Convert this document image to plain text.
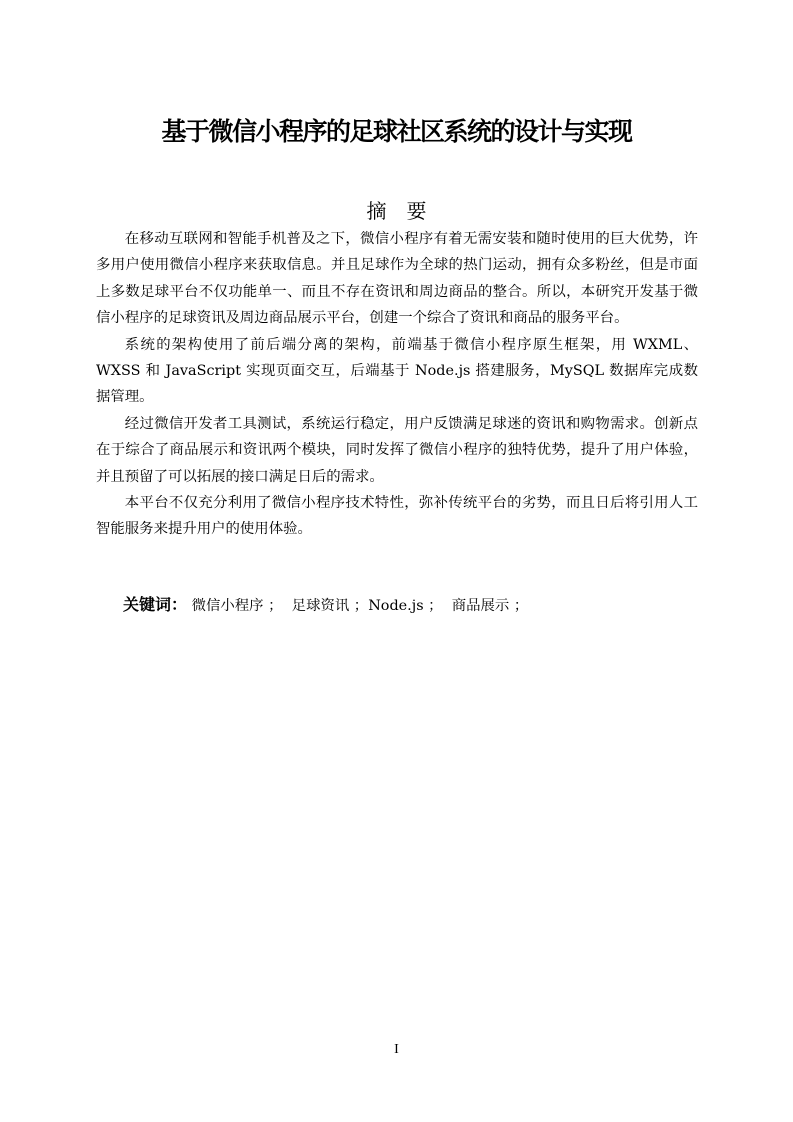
基于微信小程序的足球社区系统的设计与实现
摘 要

在移动互联网和智能手机普及之下，微信小程序有着无需安装和随时使用的巨大优势，许多用户使用微信小程序来获取信息。并且足球作为全球的热门运动，拥有众多粉丝，但是市面上多数足球平台不仅功能单一、而且不存在资讯和周边商品的整合。所以，本研究开发基于微信小程序的足球资讯及周边商品展示平台，创建一个综合了资讯和商品的服务平台。

系统的架构使用了前后端分离的架构，前端基于微信小程序原生框架，用 WXML、WXSS 和 JavaScript 实现页面交互，后端基于 Node.js 搭建服务，MySQL 数据库完成数据管理。

经过微信开发者工具测试，系统运行稳定，用户反馈满足球迷的资讯和购物需求。创新点在于综合了商品展示和资讯两个模块，同时发挥了微信小程序的独特优势，提升了用户体验，并且预留了可以拓展的接口满足日后的需求。

本平台不仅充分利用了微信小程序技术特性，弥补传统平台的劣势，而且日后将引用人工智能服务来提升用户的使用体验。

关键词： 微信小程序 ； 足球资讯 ；Node.js ； 商品展示 ；
I
